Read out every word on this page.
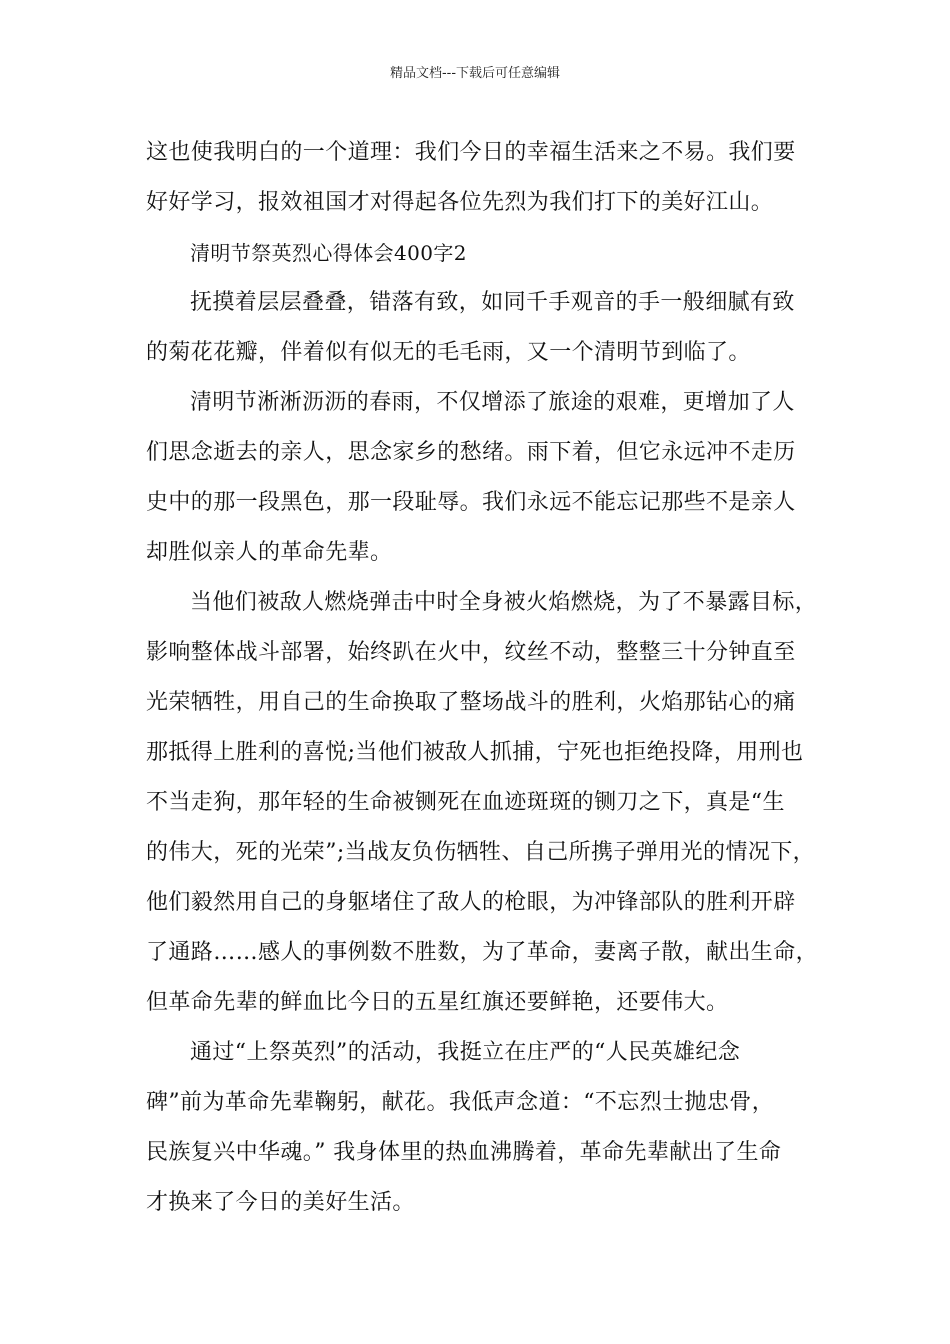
精品文档---下载后可任意编辑
这也使我明白的一个道理：我们今日的幸福生活来之不易。我们要
好好学习，报效祖国才对得起各位先烈为我们打下的美好江山。
清明节祭英烈心得体会400字2
抚摸着层层叠叠，错落有致，如同千手观音的手一般细腻有致
的菊花花瓣，伴着似有似无的毛毛雨，又一个清明节到临了。
清明节淅淅沥沥的春雨，不仅增添了旅途的艰难，更增加了人
们思念逝去的亲人，思念家乡的愁绪。雨下着，但它永远冲不走历
史中的那一段黑色，那一段耻辱。我们永远不能忘记那些不是亲人
却胜似亲人的革命先辈。
当他们被敌人燃烧弹击中时全身被火焰燃烧，为了不暴露目标，
影响整体战斗部署，始终趴在火中，纹丝不动，整整三十分钟直至
光荣牺牲，用自己的生命换取了整场战斗的胜利，火焰那钻心的痛
那抵得上胜利的喜悦;当他们被敌人抓捕，宁死也拒绝投降，用刑也
不当走狗，那年轻的生命被铡死在血迹斑斑的铡刀之下，真是“生
的伟大，死的光荣”;当战友负伤牺牲、自己所携子弹用光的情况下，
他们毅然用自己的身躯堵住了敌人的枪眼，为冲锋部队的胜利开辟
了通路……感人的事例数不胜数，为了革命，妻离子散，献出生命，
但革命先辈的鲜血比今日的五星红旗还要鲜艳，还要伟大。
通过“上祭英烈”的活动，我挺立在庄严的“人民英雄纪念
碑”前为革命先辈鞠躬，献花。我低声念道：“不忘烈士抛忠骨，
民族复兴中华魂。” 我身体里的热血沸腾着，革命先辈献出了生命
才换来了今日的美好生活。
